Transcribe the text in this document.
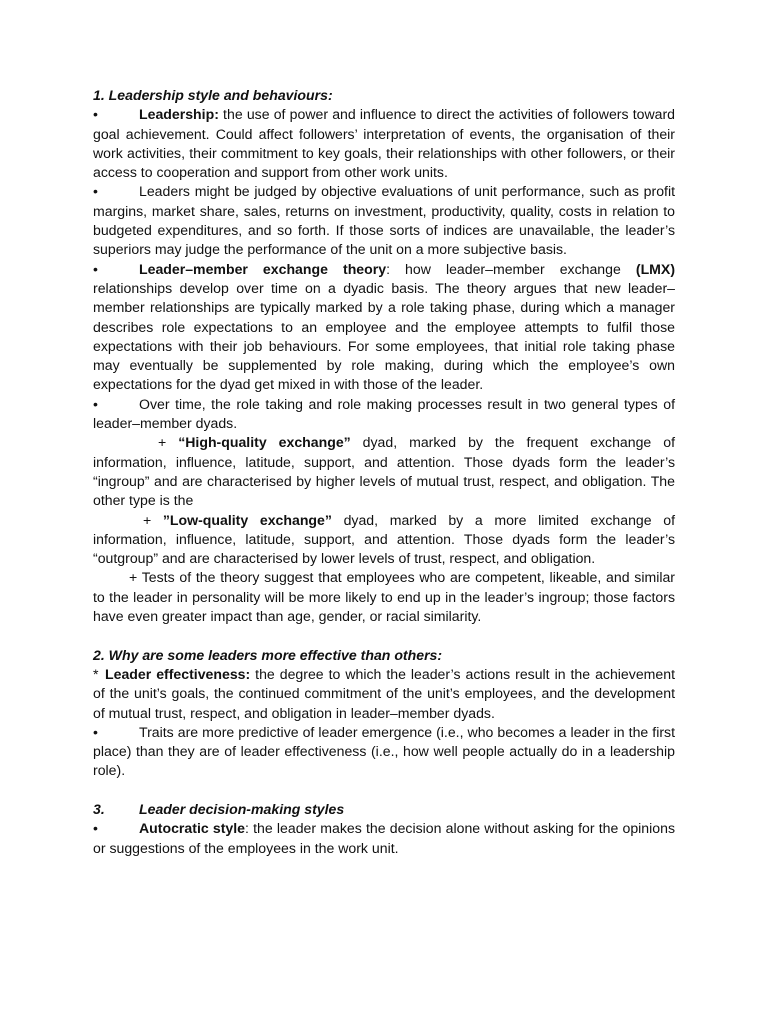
1. Leadership style and behaviours:

•	Leadership: the use of power and influence to direct the activities of followers toward goal achievement. Could affect followers’ interpretation of events, the organisation of their work activities, their commitment to key goals, their relationships with other followers, or their access to cooperation and support from other work units.

•	Leaders might be judged by objective evaluations of unit performance, such as profit margins, market share, sales, returns on investment, productivity, quality, costs in relation to budgeted expenditures, and so forth. If those sorts of indices are unavailable, the leader’s superiors may judge the performance of the unit on a more subjective basis.

•	Leader–member exchange theory: how leader–member exchange (LMX) relationships develop over time on a dyadic basis. The theory argues that new leader–member relationships are typically marked by a role taking phase, during which a manager describes role expectations to an employee and the employee attempts to fulfil those expectations with their job behaviours. For some employees, that initial role taking phase may eventually be supplemented by role making, during which the employee’s own expectations for the dyad get mixed in with those of the leader.

•	Over time, the role taking and role making processes result in two general types of leader–member dyads.

+ “High-quality exchange” dyad, marked by the frequent exchange of information, influence, latitude, support, and attention. Those dyads form the leader’s “ingroup” and are characterised by higher levels of mutual trust, respect, and obligation. The other type is the

+ ”Low-quality exchange” dyad, marked by a more limited exchange of information, influence, latitude, support, and attention. Those dyads form the leader’s “outgroup” and are characterised by lower levels of trust, respect, and obligation.

+ Tests of the theory suggest that employees who are competent, likeable, and similar to the leader in personality will be more likely to end up in the leader’s ingroup; those factors have even greater impact than age, gender, or racial similarity.

2. Why are some leaders more effective than others:

* Leader effectiveness: the degree to which the leader’s actions result in the achievement of the unit’s goals, the continued commitment of the unit’s employees, and the development of mutual trust, respect, and obligation in leader–member dyads.

•	Traits are more predictive of leader emergence (i.e., who becomes a leader in the first place) than they are of leader effectiveness (i.e., how well people actually do in a leadership role).

3. Leader decision-making styles

•	Autocratic style: the leader makes the decision alone without asking for the opinions or suggestions of the employees in the work unit.
